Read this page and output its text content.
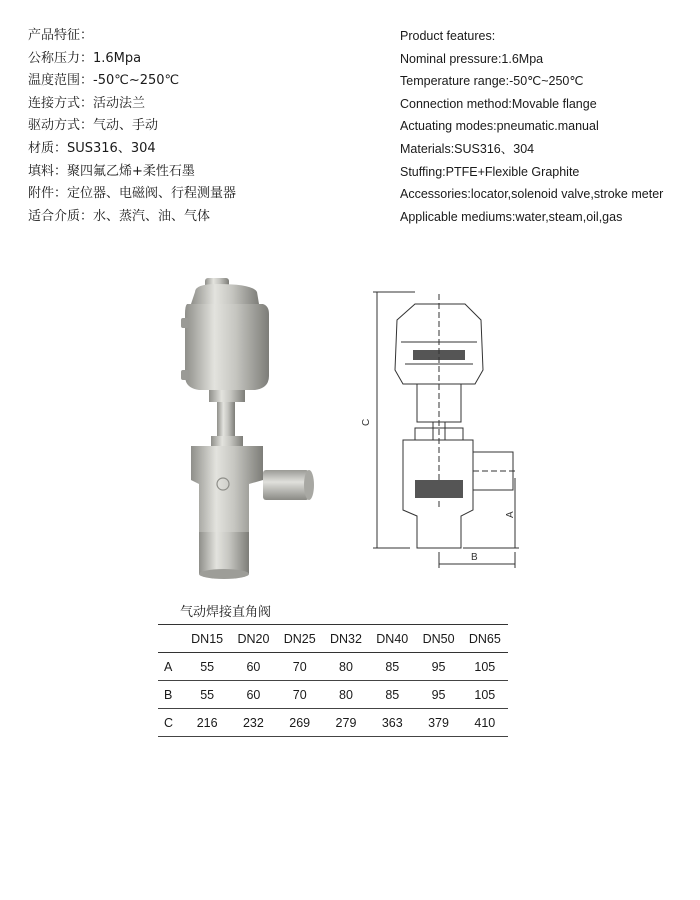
产品特征：
公称压力：1.6Mpa
温度范围：-50℃~250℃
连接方式：活动法兰
驱动方式：气动、手动
材质：SUS316、304
填料：聚四氟乙烯+柔性石墨
附件：定位器、电磁阀、行程测量器
适合介质：水、蒸汽、油、气体
Product features:
Nominal pressure:1.6Mpa
Temperature range:-50℃~250℃
Connection method:Movable flange
Actuating modes:pneumatic.manual
Materials:SUS316、304
Stuffing:PTFE+Flexible Graphite
Accessories:locator,solenoid valve,stroke meter
Applicable mediums:water,steam,oil,gas
C
A
B
气动焊接直角阀
	DN15	DN20	DN25	DN32	DN40	DN50	DN65
A	55	60	70	80	85	95	105
B	55	60	70	80	85	95	105
C	216	232	269	279	363	379	410
